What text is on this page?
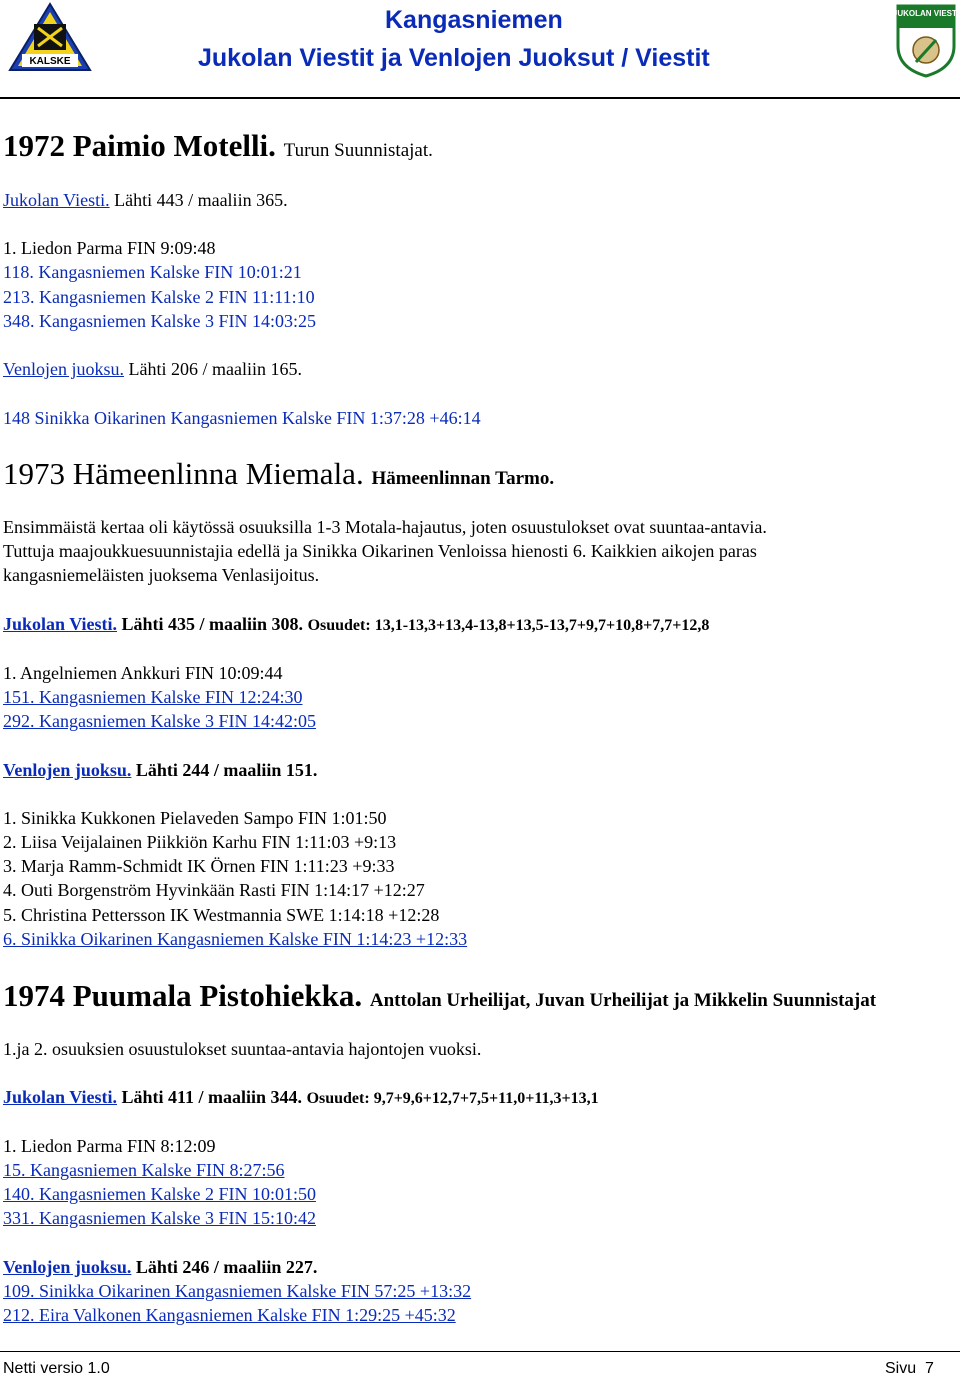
KALSKE
JUKOLAN VIESTI
Kangasniemen
Jukolan Viestit ja Venlojen Juoksut / Viestit
1972 Paimio Motelli. Turun Suunnistajat.
Jukolan Viesti. Lähti 443 / maaliin 365.
1. Liedon Parma FIN 9:09:48
118. Kangasniemen Kalske FIN 10:01:21
213. Kangasniemen Kalske 2 FIN 11:11:10
348. Kangasniemen Kalske 3 FIN 14:03:25
Venlojen juoksu. Lähti 206 / maaliin 165.
148 Sinikka Oikarinen Kangasniemen Kalske FIN 1:37:28 +46:14
1973 Hämeenlinna Miemala. Hämeenlinnan Tarmo.
Ensimmäistä kertaa oli käytössä osuuksilla 1-3 Motala-hajautus, joten osuustulokset ovat suuntaa-antavia.
Tuttuja maajoukkuesuunnistajia edellä ja Sinikka Oikarinen Venloissa hienosti 6. Kaikkien aikojen paras
kangasniemeläisten juoksema Venlasijoitus.
Jukolan Viesti. Lähti 435 / maaliin 308. Osuudet: 13,1-13,3+13,4-13,8+13,5-13,7+9,7+10,8+7,7+12,8
1. Angelniemen Ankkuri FIN 10:09:44
151. Kangasniemen Kalske FIN 12:24:30
292. Kangasniemen Kalske 3 FIN 14:42:05
Venlojen juoksu. Lähti 244 / maaliin 151.
1. Sinikka Kukkonen Pielaveden Sampo FIN 1:01:50
2. Liisa Veijalainen Piikkiön Karhu FIN 1:11:03 +9:13
3. Marja Ramm-Schmidt IK Örnen FIN 1:11:23 +9:33
4. Outi Borgenström Hyvinkään Rasti FIN 1:14:17 +12:27
5. Christina Pettersson IK Westmannia SWE 1:14:18 +12:28
6. Sinikka Oikarinen Kangasniemen Kalske FIN 1:14:23 +12:33
1974 Puumala Pistohiekka. Anttolan Urheilijat, Juvan Urheilijat ja Mikkelin Suunnistajat
1.ja 2. osuuksien osuustulokset suuntaa-antavia hajontojen vuoksi.
Jukolan Viesti. Lähti 411 / maaliin 344. Osuudet: 9,7+9,6+12,7+7,5+11,0+11,3+13,1
1. Liedon Parma FIN 8:12:09
15. Kangasniemen Kalske FIN 8:27:56
140. Kangasniemen Kalske 2 FIN 10:01:50
331. Kangasniemen Kalske 3 FIN 15:10:42
Venlojen juoksu. Lähti 246 / maaliin 227.
109. Sinikka Oikarinen Kangasniemen Kalske FIN 57:25 +13:32
212. Eira Valkonen Kangasniemen Kalske FIN 1:29:25 +45:32
Netti versio 1.0	Sivu  7
